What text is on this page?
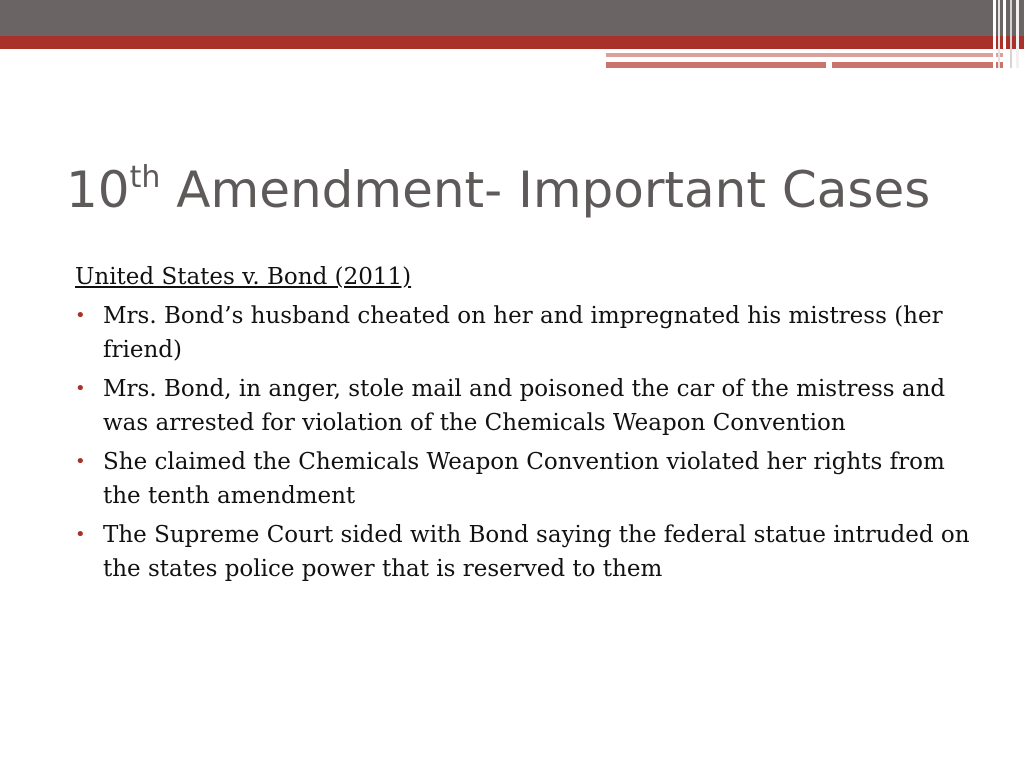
10th Amendment- Important Cases
United States v. Bond (2011)
• Mrs. Bond’s husband cheated on her and impregnated his mistress (her friend)
• Mrs. Bond, in anger, stole mail and poisoned the car of the mistress and was arrested for violation of the Chemicals Weapon Convention
• She claimed the Chemicals Weapon Convention violated her rights from the tenth amendment
• The Supreme Court sided with Bond saying the federal statue intruded on the states police power that is reserved to them
